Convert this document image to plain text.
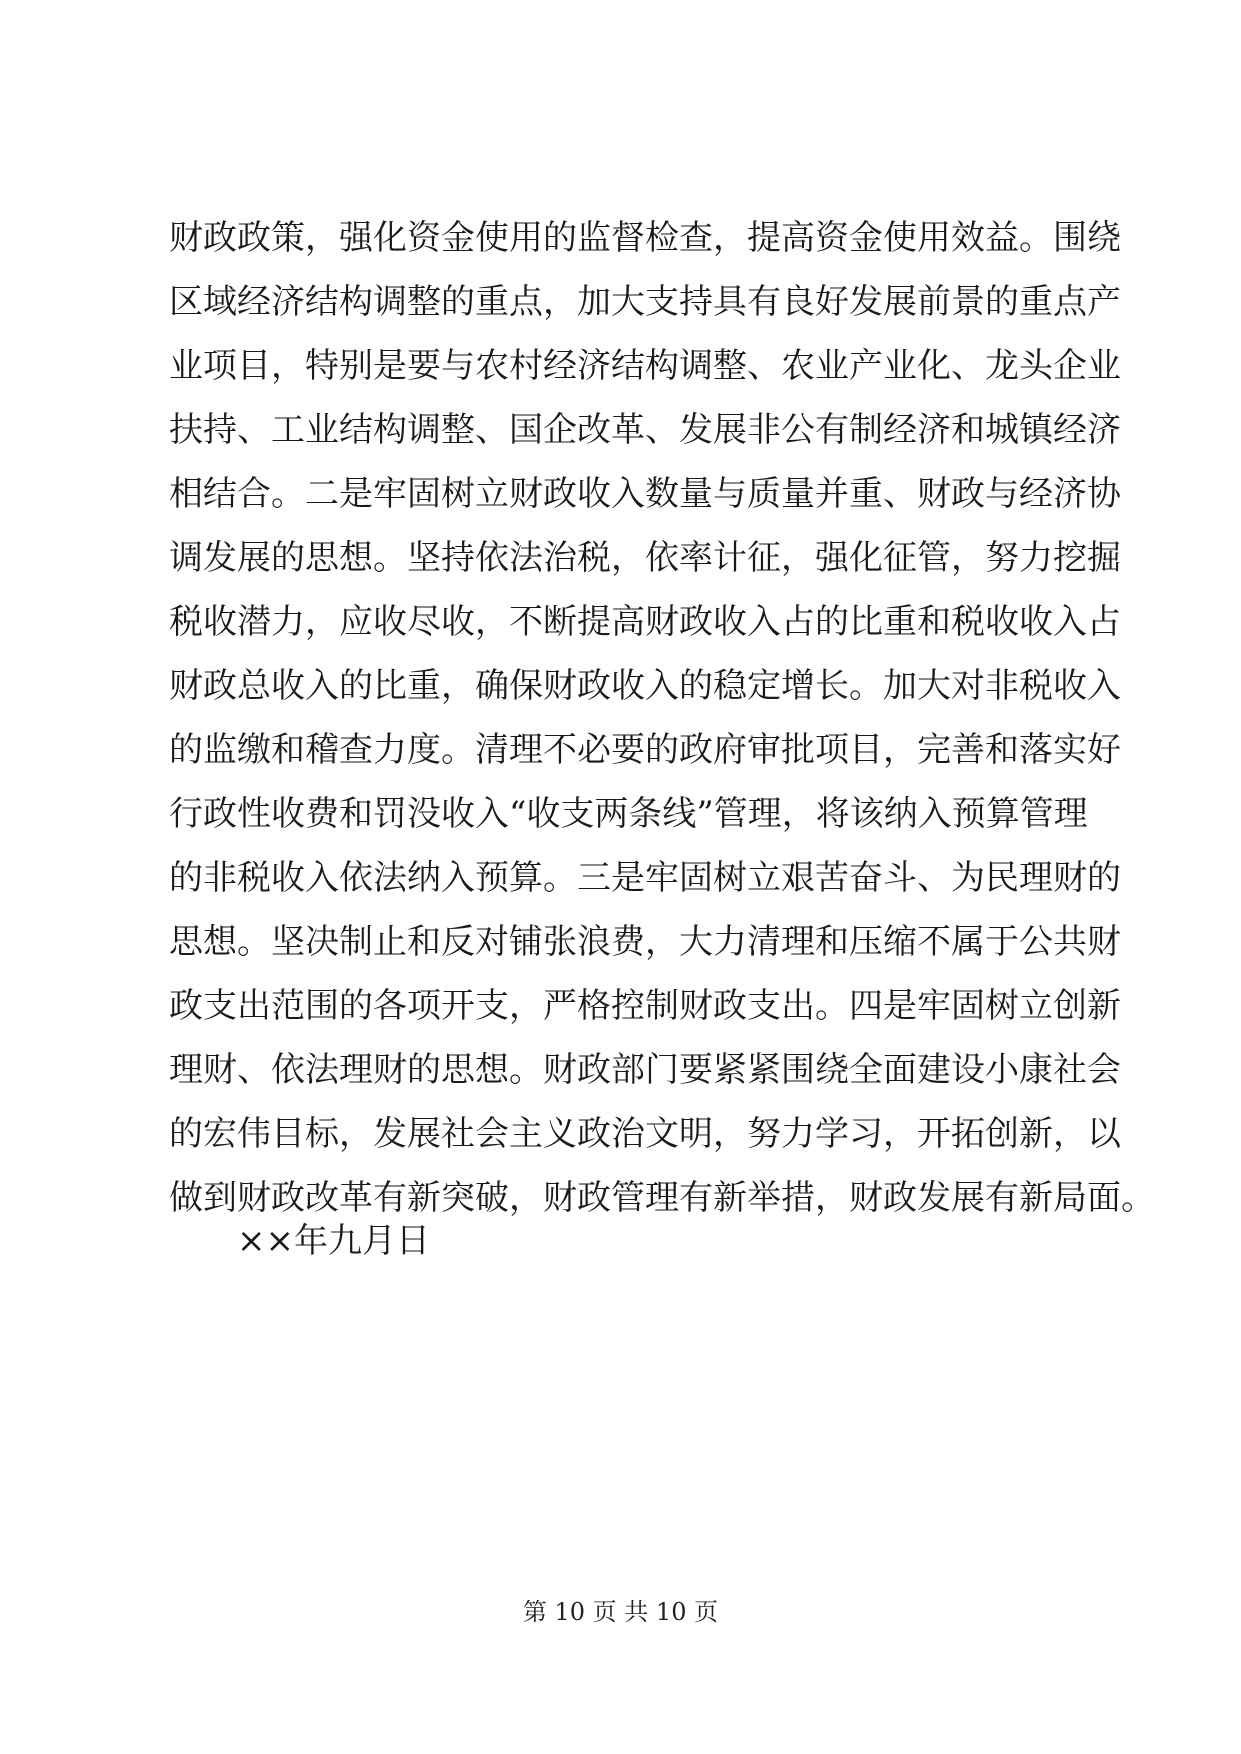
财政政策，强化资金使用的监督检查，提高资金使用效益。围绕
区域经济结构调整的重点，加大支持具有良好发展前景的重点产
业项目，特别是要与农村经济结构调整、农业产业化、龙头企业
扶持、工业结构调整、国企改革、发展非公有制经济和城镇经济
相结合。二是牢固树立财政收入数量与质量并重、财政与经济协
调发展的思想。坚持依法治税，依率计征，强化征管，努力挖掘
税收潜力，应收尽收，不断提高财政收入占的比重和税收收入占
财政总收入的比重，确保财政收入的稳定增长。加大对非税收入
的监缴和稽查力度。清理不必要的政府审批项目，完善和落实好
行政性收费和罚没收入“收支两条线”管理，将该纳入预算管理
的非税收入依法纳入预算。三是牢固树立艰苦奋斗、为民理财的
思想。坚决制止和反对铺张浪费，大力清理和压缩不属于公共财
政支出范围的各项开支，严格控制财政支出。四是牢固树立创新
理财、依法理财的思想。财政部门要紧紧围绕全面建设小康社会
的宏伟目标，发展社会主义政治文明，努力学习，开拓创新，以
做到财政改革有新突破，财政管理有新举措，财政发展有新局面。
××年九月日
第 10 页 共 10 页
